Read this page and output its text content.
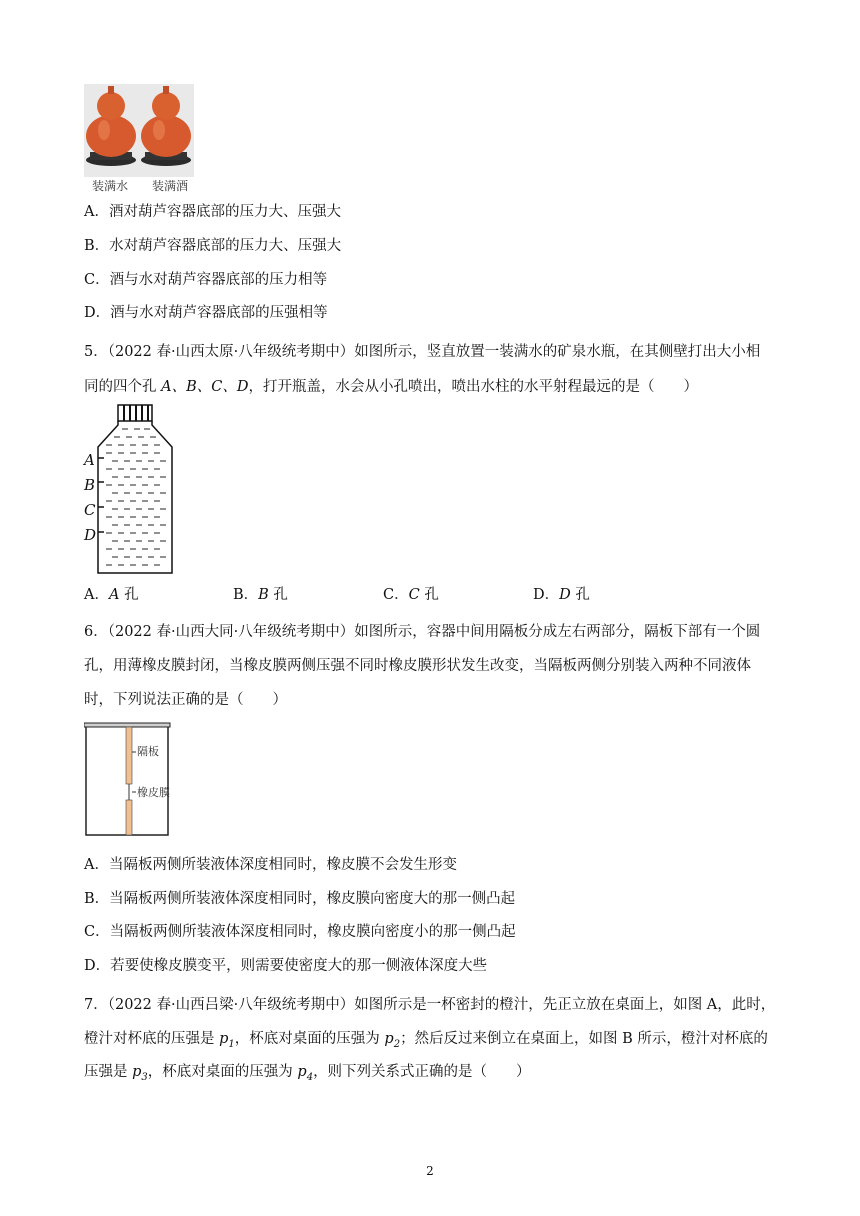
装满水 装满酒
A．酒对葫芦容器底部的压力大、压强大
B．水对葫芦容器底部的压力大、压强大
C．酒与水对葫芦容器底部的压力相等
D．酒与水对葫芦容器底部的压强相等
5．（2022 春·山西太原·八年级统考期中）如图所示，竖直放置一装满水的矿泉水瓶，在其侧壁打出大小相
同的四个孔 A、B、C、D，打开瓶盖，水会从小孔喷出，喷出水柱的水平射程最远的是（　　）
A
B
C
D
A．A 孔	B．B 孔	C．C 孔	D．D 孔
6．（2022 春·山西大同·八年级统考期中）如图所示，容器中间用隔板分成左右两部分，隔板下部有一个圆
孔，用薄橡皮膜封闭，当橡皮膜两侧压强不同时橡皮膜形状发生改变，当隔板两侧分别装入两种不同液体
时，下列说法正确的是（　　）
隔板
橡皮膜
A．当隔板两侧所装液体深度相同时，橡皮膜不会发生形变
B．当隔板两侧所装液体深度相同时，橡皮膜向密度大的那一侧凸起
C．当隔板两侧所装液体深度相同时，橡皮膜向密度小的那一侧凸起
D．若要使橡皮膜变平，则需要使密度大的那一侧液体深度大些
7．（2022 春·山西吕梁·八年级统考期中）如图所示是一杯密封的橙汁，先正立放在桌面上，如图 A，此时，
橙汁对杯底的压强是 $p_1$，杯底对桌面的压强为 $p_2$；然后反过来倒立在桌面上，如图 B 所示，橙汁对杯底的
压强是 $p_3$，杯底对桌面的压强为 $p_4$，则下列关系式正确的是（　　）
2
